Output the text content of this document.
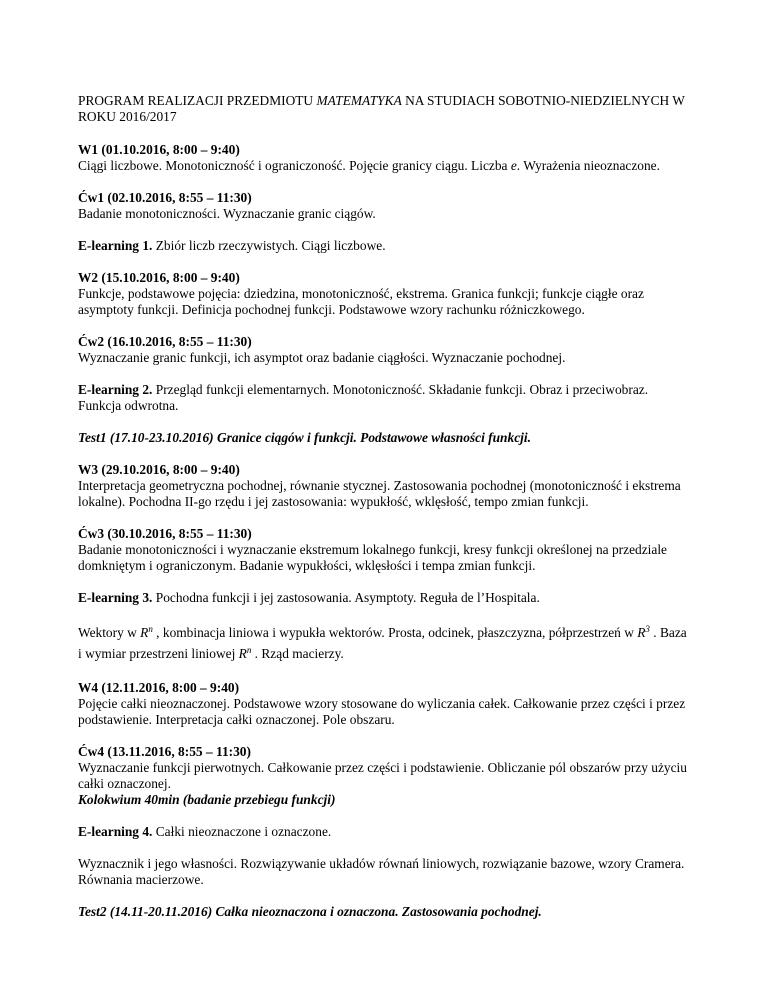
PROGRAM REALIZACJI PRZEDMIOTU MATEMATYKA NA STUDIACH SOBOTNIO-NIEDZIELNYCH W ROKU 2016/2017

W1 (01.10.2016, 8:00 – 9:40)
Ciągi liczbowe. Monotoniczność i ograniczoność. Pojęcie granicy ciągu. Liczba e. Wyrażenia nieoznaczone.
Ćw1 (02.10.2016, 8:55 – 11:30)
Badanie monotoniczności. Wyznaczanie granic ciągów.
E-learning 1. Zbiór liczb rzeczywistych. Ciągi liczbowe.
W2 (15.10.2016, 8:00 – 9:40)
Funkcje, podstawowe pojęcia: dziedzina, monotoniczność, ekstrema. Granica funkcji; funkcje ciągłe oraz asymptoty funkcji. Definicja pochodnej funkcji. Podstawowe wzory rachunku różniczkowego.
Ćw2 (16.10.2016, 8:55 – 11:30)
Wyznaczanie granic funkcji, ich asymptot oraz badanie ciągłości. Wyznaczanie pochodnej.
E-learning 2. Przegląd funkcji elementarnych. Monotoniczność. Składanie funkcji. Obraz i przeciwobraz. Funkcja odwrotna.
Test1 (17.10-23.10.2016) Granice ciągów i funkcji. Podstawowe własności funkcji.
W3 (29.10.2016, 8:00 – 9:40)
Interpretacja geometryczna pochodnej, równanie stycznej. Zastosowania pochodnej (monotoniczność i ekstrema lokalne). Pochodna II-go rzędu i jej zastosowania: wypukłość, wklęsłość, tempo zmian funkcji.
Ćw3 (30.10.2016, 8:55 – 11:30)
Badanie monotoniczności i wyznaczanie ekstremum lokalnego funkcji, kresy funkcji określonej na przedziale domkniętym i ograniczonym. Badanie wypukłości, wklęsłości i tempa zmian funkcji.
E-learning 3. Pochodna funkcji i jej zastosowania. Asymptoty. Reguła de l’Hospitala.
Wektory w $R^n$ , kombinacja liniowa i wypukła wektorów. Prosta, odcinek, płaszczyzna, półprzestrzeń w $R^3$ . Baza i wymiar przestrzeni liniowej $R^n$ . Rząd macierzy.
W4 (12.11.2016, 8:00 – 9:40)
Pojęcie całki nieoznaczonej. Podstawowe wzory stosowane do wyliczania całek. Całkowanie przez części i przez podstawienie. Interpretacja całki oznaczonej. Pole obszaru.
Ćw4 (13.11.2016, 8:55 – 11:30)
Wyznaczanie funkcji pierwotnych. Całkowanie przez części i podstawienie. Obliczanie pól obszarów przy użyciu całki oznaczonej.
Kolokwium 40min (badanie przebiegu funkcji)
E-learning 4. Całki nieoznaczone i oznaczone.
Wyznacznik i jego własności. Rozwiązywanie układów równań liniowych, rozwiązanie bazowe, wzory Cramera. Równania macierzowe.
Test2 (14.11-20.11.2016) Całka nieoznaczona i oznaczona. Zastosowania pochodnej.
